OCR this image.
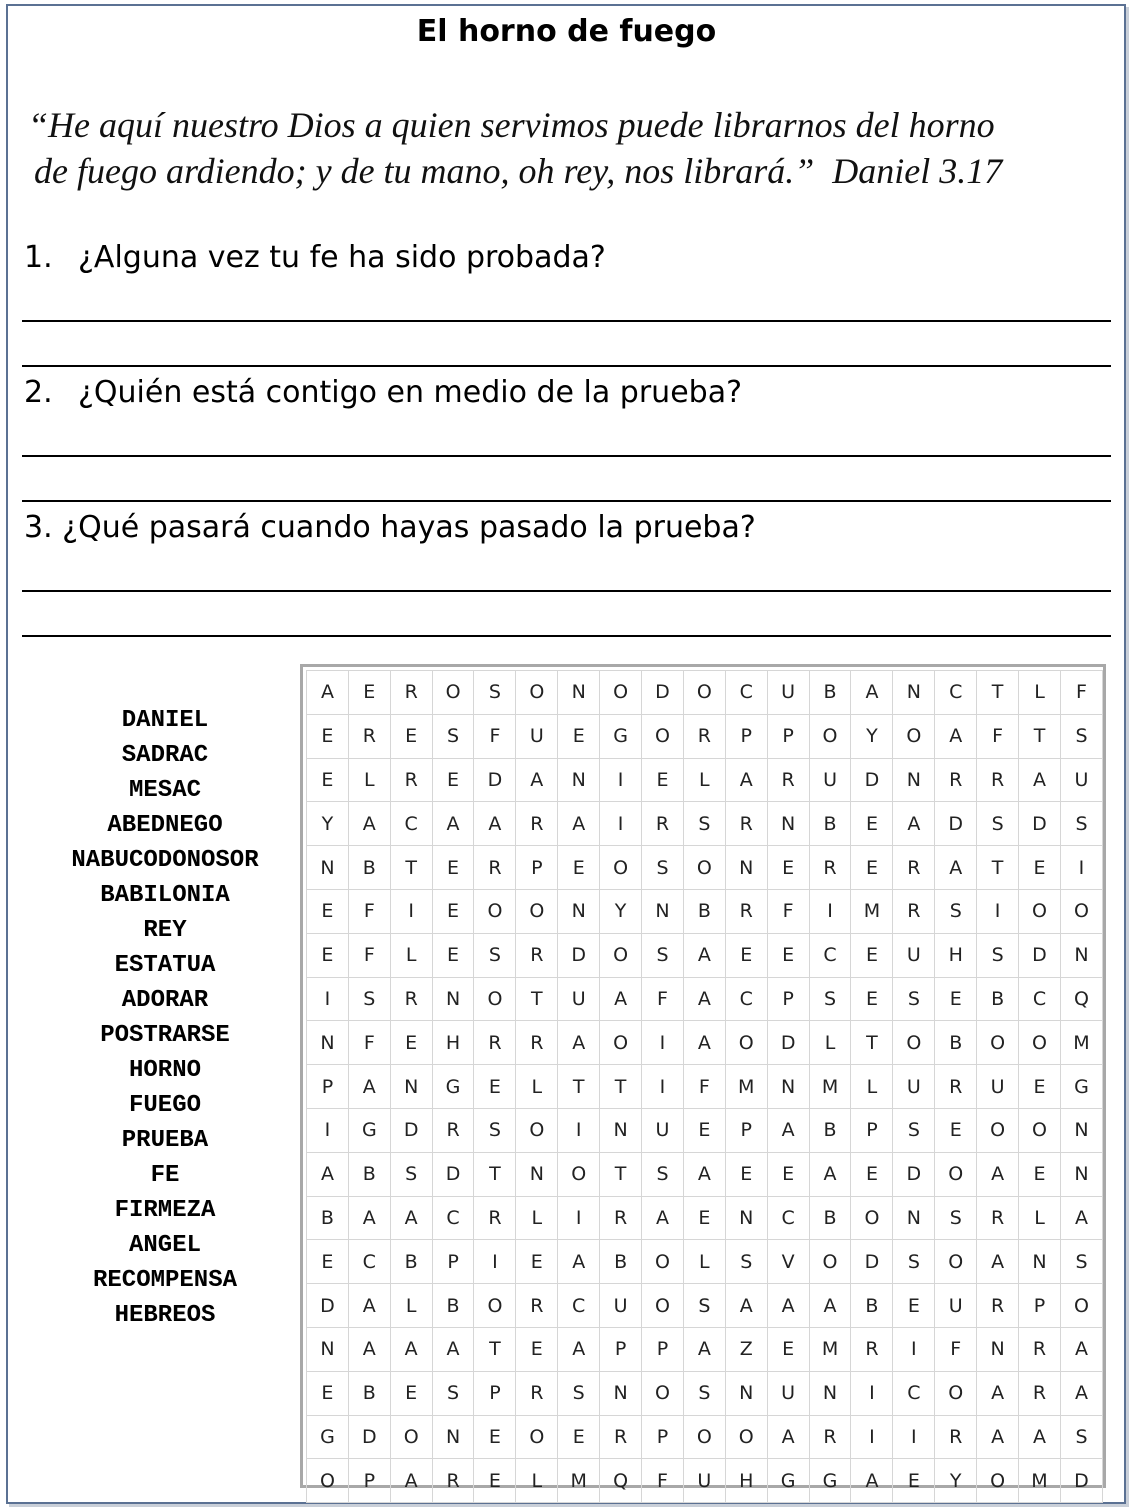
El horno de fuego
“He aquí nuestro Dios a quien servimos puede librarnos del horno
de fuego ardiendo; y de tu mano, oh rey, nos librará.” Daniel 3.17
1. ¿Alguna vez tu fe ha sido probada?
2. ¿Quién está contigo en medio de la prueba?
3. ¿Qué pasará cuando hayas pasado la prueba?
DANIEL
SADRAC
MESAC
ABEDNEGO
NABUCODONOSOR
BABILONIA
REY
ESTATUA
ADORAR
POSTRARSE
HORNO
FUEGO
PRUEBA
FE
FIRMEZA
ANGEL
RECOMPENSA
HEBREOS
A	E	R	O	S	O	N	O	D	O	C	U	B	A	N	C	T	L	F
E	R	E	S	F	U	E	G	O	R	P	P	O	Y	O	A	F	T	S
E	L	R	E	D	A	N	I	E	L	A	R	U	D	N	R	R	A	U
Y	A	C	A	A	R	A	I	R	S	R	N	B	E	A	D	S	D	S
N	B	T	E	R	P	E	O	S	O	N	E	R	E	R	A	T	E	I
E	F	I	E	O	O	N	Y	N	B	R	F	I	M	R	S	I	O	O
E	F	L	E	S	R	D	O	S	A	E	E	C	E	U	H	S	D	N
I	S	R	N	O	T	U	A	F	A	C	P	S	E	S	E	B	C	Q
N	F	E	H	R	R	A	O	I	A	O	D	L	T	O	B	O	O	M
P	A	N	G	E	L	T	T	I	F	M	N	M	L	U	R	U	E	G
I	G	D	R	S	O	I	N	U	E	P	A	B	P	S	E	O	O	N
A	B	S	D	T	N	O	T	S	A	E	E	A	E	D	O	A	E	N
B	A	A	C	R	L	I	R	A	E	N	C	B	O	N	S	R	L	A
E	C	B	P	I	E	A	B	O	L	S	V	O	D	S	O	A	N	S
D	A	L	B	O	R	C	U	O	S	A	A	A	B	E	U	R	P	O
N	A	A	A	T	E	A	P	P	A	Z	E	M	R	I	F	N	R	A
E	B	E	S	P	R	S	N	O	S	N	U	N	I	C	O	A	R	A
G	D	O	N	E	O	E	R	P	O	O	A	R	I	I	R	A	A	S
O	P	A	R	E	L	M	Q	F	U	H	G	G	A	E	Y	O	M	D
